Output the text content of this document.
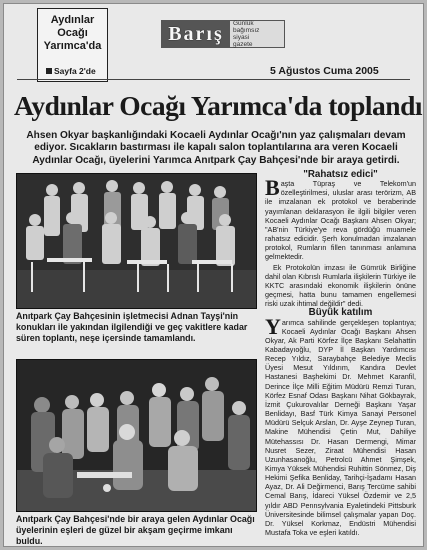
Aydınlar Ocağı Yarımca'da
Sayfa 2'de
Barış	Günlük
bağımsız
siyasi
gazete
5 Ağustos Cuma 2005
Aydınlar Ocağı Yarımca'da toplandı
Ahsen Okyar başkanlığındaki Kocaeli Aydınlar Ocağı'nın yaz çalışmaları devam ediyor. Sıcakların bastırması ile kapalı salon toplantılarına ara veren Kocaeli Aydınlar Ocağı, üyelerini Yarımca Anıtpark Çay Bahçesi'nde bir araya getirdi.
Anıtpark Çay Bahçesinin işletmecisi Adnan Tayşi'nin konukları ile yakından ilgilendiği ve geç vakitlere kadar süren toplantı, neşe içersinde tamamlandı.
Anıtpark Çay Bahçesi'nde bir araya gelen Aydınlar Ocağı üyelerinin eşleri de güzel bir akşam geçirme imkanı buldu.
"Rahatsız edici"

Başta Tüpraş ve Telekom'un özelleştirilmesi, uluslar arası terörizm, AB ile imzalanan ek protokol ve beraberinde yayımlanan deklarasyon ile ilgili bilgiler veren Kocaeli Aydınlar Ocağı Başkanı Ahsen Okyar; "AB'nin Türkiye'ye reva gördüğü muamele rahatsız edicidir. Şerh konulmadan imzalanan protokol, Rumların fillen tanınması anlamına gelmektedir.

Ek Protokolün imzası ile Gümrük Birliğine dahil olan Kıbrıslı Rumlarla ilişkilerin Türkiye ile KKTC arasındaki ekonomik ilişkilerin önüne geçmesi, hatta bunu tamamen engellemesi riski uzak ihtimal değildir" dedi.

Büyük katılım

Yarımca sahilinde gerçekleşen toplantıya; Kocaeli Aydınlar Ocağı Başkanı Ahsen Okyar, Ak Parti Körfez İlçe Başkanı Selahattin Kabadayıoğlu, DYP İl Başkan Yardımcısı Recep Yıldız, Saraybahçe Belediye Meclis Üyesi Mesut Yıldırım, Kandıra Devlet Hastanesi Başhekimi Dr. Mehmet Karanfil, Derince İlçe Milli Eğitim Müdürü Remzi Turan, Körfez Esnaf Odası Başkanı Nihat Gökbayrak, İzmit Çukurovalılar Derneği Başkanı Yaşar Benlidayı, Basf Türk Kimya Sanayi Personel Müdürü Selçuk Arslan, Dr. Ayşe Zeynep Turan, Makine Mühendisi Çetin Mut, Dahiliye Mütehassısı Dr. Hasan Dermengi, Mimar Nusret Sezer, Ziraat Mühendisi Hasan Uzunhasanoğlu, Petrolcü Ahmet Şimşek, Kimya Yüksek Mühendisi Ruhittin Sönmez, Diş Hekimi Şefika Benliday, Tarihçi-İşadamı Hasan Ayaz, Dr. Ali Değirmenci, Barış Tercüme sahibi Cemal Barış, İdareci Yüksel Özdemir ve 2,5 yıldır ABD Pennsylvania Eyaletindeki Pittsburk Üniversitesinde bilimsel çalışmalar yapan Doç. Dr. Yüksel Korkmaz, Endüstri Mühendisi Mustafa Toka ve eşleri katıldı.
